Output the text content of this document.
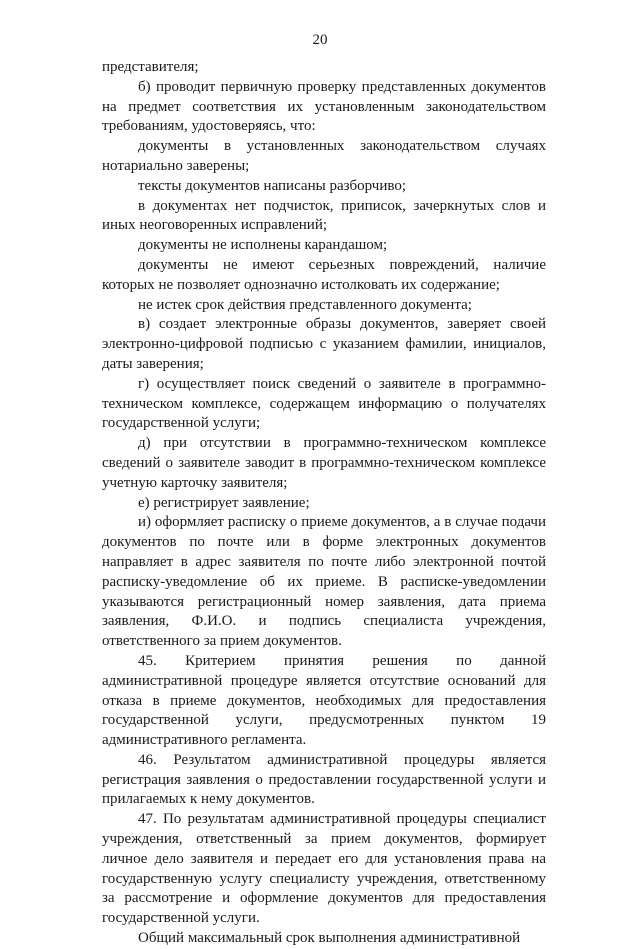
20

представителя;

б) проводит первичную проверку представленных документов на предмет соответствия их установленным законодательством требованиям, удостоверяясь, что:

документы в установленных законодательством случаях нотариально заверены;

тексты документов написаны разборчиво;

в документах нет подчисток, приписок, зачеркнутых слов и иных неоговоренных исправлений;

документы не исполнены карандашом;

документы не имеют серьезных повреждений, наличие которых не позволяет однозначно истолковать их содержание;

не истек срок действия представленного документа;

в) создает электронные образы документов, заверяет своей электронно-цифровой подписью с указанием фамилии, инициалов, даты заверения;

г) осуществляет поиск сведений о заявителе в программно-техническом комплексе, содержащем информацию о получателях государственной услуги;

д) при отсутствии в программно-техническом комплексе сведений о заявителе заводит в программно-техническом комплексе учетную карточку заявителя;

е) регистрирует заявление;

и) оформляет расписку о приеме документов, а в случае подачи документов по почте или в форме электронных документов направляет в адрес заявителя по почте либо электронной почтой расписку-уведомление об их приеме. В расписке-уведомлении указываются регистрационный номер заявления, дата приема заявления, Ф.И.О. и подпись специалиста учреждения, ответственного за прием документов.

45. Критерием принятия решения по данной административной процедуре является отсутствие оснований для отказа в приеме документов, необходимых для предоставления государственной услуги, предусмотренных пунктом 19 административного регламента.

46. Результатом административной процедуры является регистрация заявления о предоставлении государственной услуги и прилагаемых к нему документов.

47. По результатам административной процедуры специалист учреждения, ответственный за прием документов, формирует личное дело заявителя и передает его для установления права на государственную услугу специалисту учреждения, ответственному за рассмотрение и оформление документов для предоставления государственной услуги.

Общий максимальный срок выполнения административной
